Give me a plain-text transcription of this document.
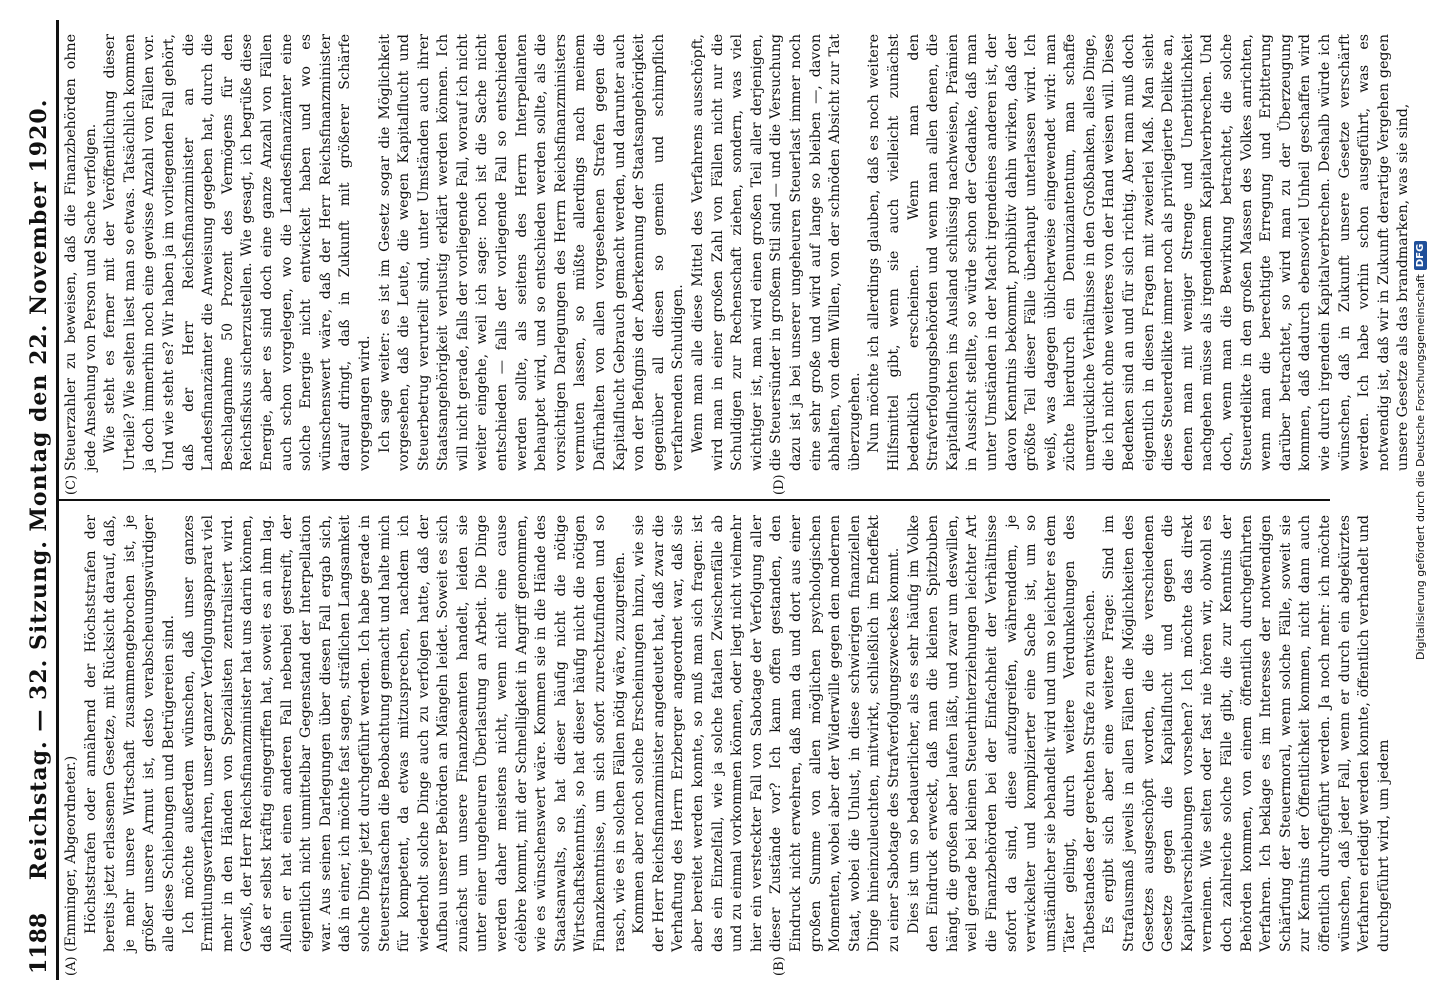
1188
Reichstag. — 32. Sitzung. Montag den 22. November 1920.
(A)	(B)

(Emminger, Abgeordneter.) Höchststrafen oder annähernd der Höchststrafen der bereits jetzt erlassenen Gesetze, mit Rücksicht darauf, daß, je mehr unsere Wirtschaft zusammengebrochen ist, je größer unsere Armut ist, desto verabscheuungswürdiger alle diese Schiebungen und Betrügereien sind. Ich möchte außerdem wünschen, daß unser ganzes Ermittlungsverfahren, unser ganzer Verfolgungsapparat viel mehr in den Händen von Spezialisten zentralisiert wird. Gewiß, der Herr Reichsfinanzminister hat uns darin können, daß er selbst kräftig eingegriffen hat, soweit es an ihm lag. Allein er hat einen anderen Fall nebenbei gestreift, der eigentlich nicht unmittelbar Gegenstand der Interpellation war. Aus seinen Darlegungen über diesen Fall ergab sich, daß in einer, ich möchte fast sagen, sträflichen Langsamkeit solche Dinge jetzt durchgeführt werden. Ich habe gerade in Steuerstrafsachen die Beobachtung gemacht und halte mich für kompetent, da etwas mitzusprechen, nachdem ich wiederholt solche Dinge auch zu verfolgen hatte, daß der Aufbau unserer Behörden an Mängeln leidet. Soweit es sich zunächst um unsere Finanzbeamten handelt, leiden sie unter einer ungeheuren Überlastung an Arbeit. Die Dinge werden daher meistens nicht, wenn nicht eine cause célèbre kommt, mit der Schnelligkeit in Angriff genommen, wie es wünschenswert wäre. Kommen sie in die Hände des Staatsanwalts, so hat dieser häufig nicht die nötige Wirtschaftskenntnis, so hat dieser häufig nicht die nötigen Finanzkenntnisse, um sich sofort zurechtzufinden und so rasch, wie es in solchen Fällen nötig wäre, zuzugreifen. Kommen aber noch solche Erscheinungen hinzu, wie sie der Herr Reichsfinanzminister angedeutet hat, daß zwar die Verhaftung des Herrn Erzberger angeordnet war, daß sie aber bereitet werden konnte, so muß man sich fragen: ist das ein Einzelfall, wie ja solche fatalen Zwischenfälle ab und zu einmal vorkommen können, oder liegt nicht vielmehr hier ein versteckter Fall von Sabotage der Verfolgung aller dieser Zustände vor? Ich kann offen gestanden, den Eindruck nicht erwehren, daß man da und dort aus einer großen Summe von allen möglichen psychologischen Momenten, wobei aber der Widerwille gegen den modernen Staat, wobei die Unlust, in diese schwierigen finanziellen Dinge hineinzuleuchten, mitwirkt, schließlich im Endeffekt zu einer Sabotage des Strafverfolgungszweckes kommt. Dies ist um so bedauerlicher, als es sehr häufig im Volke den Eindruck erweckt, daß man die kleinen Spitzbuben hängt, die großen aber laufen läßt, und zwar um deswillen, weil gerade bei kleinen Steuerhinterziehungen leichter Art die Finanzbehörden bei der Einfachheit der Verhältnisse sofort da sind, diese aufzugreifen, währenddem, je verwickelter und komplizierter eine Sache ist, um so umständlicher sie behandelt wird und um so leichter es dem Täter gelingt, durch weitere Verdunkelungen des Tatbestandes der gerechten Strafe zu entwischen. Es ergibt sich aber eine weitere Frage: Sind im Strafausmaß jeweils in allen Fällen die Möglichkeiten des Gesetzes ausgeschöpft worden, die die verschiedenen Gesetze gegen die Kapitalflucht und gegen die Kapitalverschiebungen vorsehen? Ich möchte das direkt verneinen. Wie selten oder fast nie hören wir, obwohl es doch zahlreiche solche Fälle gibt, die zur Kenntnis der Behörden kommen, von einem öffentlich durchgeführten Verfahren. Ich beklage es im Interesse der notwendigen Schärfung der Steuermoral, wenn solche Fälle, soweit sie zur Kenntnis der Öffentlichkeit kommen, nicht dann auch öffentlich durchgeführt werden. Ja noch mehr: ich möchte wünschen, daß jeder Fall, wenn er durch ein abgekürztes Verfahren erledigt werden konnte, öffentlich verhandelt und durchgeführt wird, um jedem

(C)	(D)

Steuerzahler zu beweisen, daß die Finanzbehörden ohne jede Ansehung von Person und Sache verfolgen. Wie steht es ferner mit der Veröffentlichung dieser Urteile? Wie selten liest man so etwas. Tatsächlich kommen ja doch immerhin noch eine gewisse Anzahl von Fällen vor. Und wie steht es? Wir haben ja im vorliegenden Fall gehört, daß der Herr Reichsfinanzminister an die Landesfinanzämter die Anweisung gegeben hat, durch die Beschlagnahme 50 Prozent des Vermögens für den Reichsfiskus sicherzustellen. Wie gesagt, ich begrüße diese Energie, aber es sind doch eine ganze Anzahl von Fällen auch schon vorgelegen, wo die Landesfinanzämter eine solche Energie nicht entwickelt haben und wo es wünschenswert wäre, daß der Herr Reichsfinanzminister darauf dringt, daß in Zukunft mit größerer Schärfe vorgegangen wird. Ich sage weiter: es ist im Gesetz sogar die Möglichkeit vorgesehen, daß die Leute, die wegen Kapitalflucht und Steuerbetrug verurteilt sind, unter Umständen auch ihrer Staatsangehörigkeit verlustig erklärt werden können. Ich will nicht gerade, falls der vorliegende Fall, worauf ich nicht weiter eingehe, weil ich sage: noch ist die Sache nicht entschieden — falls der vorliegende Fall so entschieden werden sollte, als seitens des Herrn Interpellanten behauptet wird, und so entschieden werden sollte, als die vorsichtigen Darlegungen des Herrn Reichsfinanzministers vermuten lassen, so müßte allerdings nach meinem Dafürhalten von allen vorgesehenen Strafen gegen die Kapitalflucht Gebrauch gemacht werden, und darunter auch von der Befugnis der Aberkennung der Staatsangehörigkeit gegenüber all diesen so gemein und schimpflich verfahrenden Schuldigen. Wenn man alle diese Mittel des Verfahrens ausschöpft, wird man in einer großen Zahl von Fällen nicht nur die Schuldigen zur Rechenschaft ziehen, sondern, was viel wichtiger ist, man wird einen großen Teil aller derjenigen, die Steuersünder in großem Stil sind — und die Versuchung dazu ist ja bei unserer ungeheuren Steuerlast immer noch eine sehr große und wird auf lange so bleiben —, davon abhalten, von dem Willen, von der schnöden Absicht zur Tat überzugehen. Nun möchte ich allerdings glauben, daß es noch weitere Hilfsmittel gibt, wenn sie auch vielleicht zunächst bedenklich erscheinen. Wenn man den Strafverfolgungsbehörden und wenn man allen denen, die Kapitalfluchten ins Ausland schlüssig nachweisen, Prämien in Aussicht stellte, so würde schon der Gedanke, daß man unter Umständen in der Macht irgendeines anderen ist, der davon Kenntnis bekommt, prohibitiv dahin wirken, daß der größte Teil dieser Fälle überhaupt unterlassen wird. Ich weiß, was dagegen üblicherweise eingewendet wird: man züchte hierdurch ein Denunziantentum, man schaffe unerquickliche Verhältnisse in den Großbanken, alles Dinge, die ich nicht ohne weiteres von der Hand weisen will. Diese Bedenken sind an und für sich richtig. Aber man muß doch eigentlich in diesen Fragen mit zweierlei Maß. Man sieht diese Steuerdelikte immer noch als privilegierte Delikte an, denen man mit weniger Strenge und Unerbittlichkeit nachgehen müsse als irgendeinem Kapitalverbrechen. Und doch, wenn man die Bewirkung betrachtet, die solche Steuerdelikte in den großen Massen des Volkes anrichten, wenn man die berechtigte Erregung und Erbitterung darüber betrachtet, so wird man zu der Überzeugung kommen, daß dadurch ebensoviel Unheil geschaffen wird wie durch irgendein Kapitalverbrechen. Deshalb würde ich wünschen, daß in Zukunft unsere Gesetze verschärft werden. Ich habe vorhin schon ausgeführt, was es notwendig ist, daß wir in Zukunft derartige Vergehen gegen unsere Gesetze als das brandmarken, was sie sind, Digitalisierung gefördert durch die Deutsche Forschungsgemeinschaft
DFG
